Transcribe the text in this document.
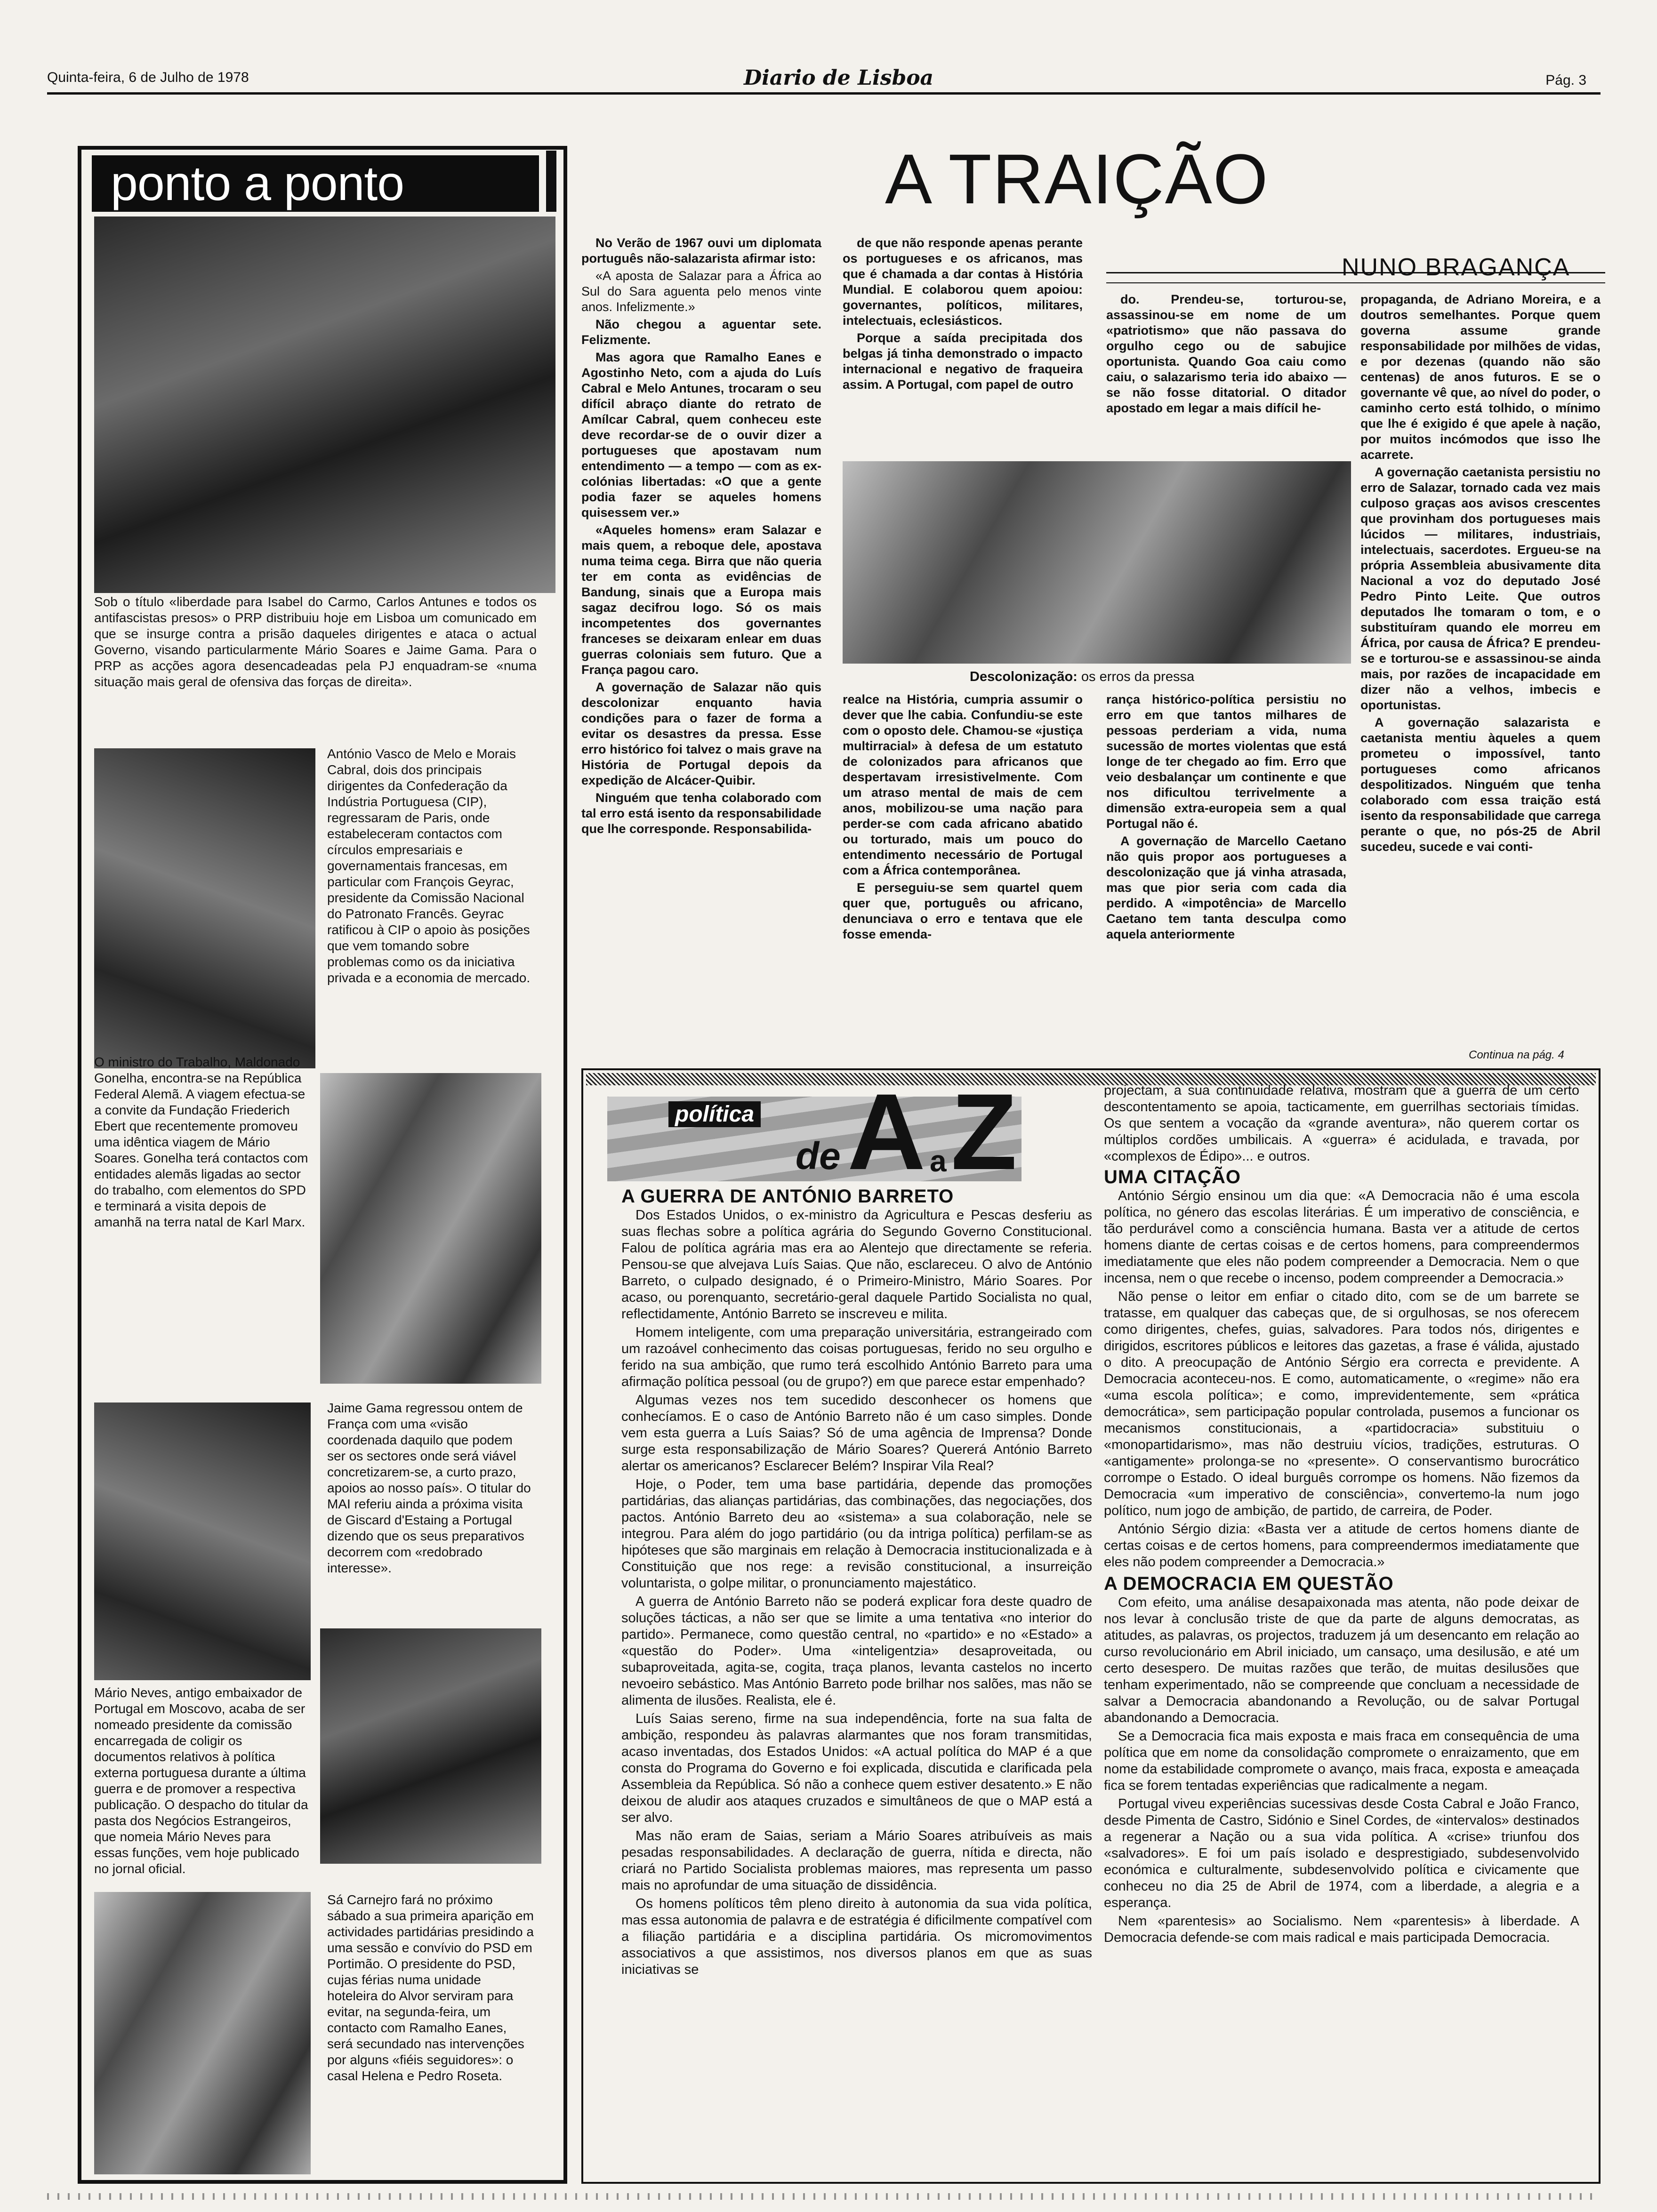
Quinta-feira, 6 de Julho de 1978	Diario de Lisboa	Pág. 3
ponto a ponto
Sob o título «liberdade para Isabel do Carmo, Carlos Antunes e todos os antifascistas presos» o PRP distribuiu hoje em Lisboa um comunicado em que se insurge contra a prisão daqueles dirigentes e ataca o actual Governo, visando particularmente Mário Soares e Jaime Gama. Para o PRP as acções agora desencadeadas pela PJ enquadram-se «numa situação mais geral de ofensiva das forças de direita».
António Vasco de Melo e Morais Cabral, dois dos principais dirigentes da Confederação da Indústria Portuguesa (CIP), regressaram de Paris, onde estabeleceram contactos com círculos empresariais e governamentais francesas, em particular com François Geyrac, presidente da Comissão Nacional do Patronato Francês. Geyrac ratificou à CIP o apoio às posições que vem tomando sobre problemas como os da iniciativa privada e a economia de mercado.
O ministro do Trabalho, Maldonado Gonelha, encontra-se na República Federal Alemã. A viagem efectua-se a convite da Fundação Friederich Ebert que recentemente promoveu uma idêntica viagem de Mário Soares. Gonelha terá contactos com entidades alemãs ligadas ao sector do trabalho, com elementos do SPD e terminará a visita depois de amanhã na terra natal de Karl Marx.
Jaime Gama regressou ontem de França com uma «visão coordenada daquilo que podem ser os sectores onde será viável concretizarem-se, a curto prazo, apoios ao nosso país». O titular do MAI referiu ainda a próxima visita de Giscard d'Estaing a Portugal dizendo que os seus preparativos decorrem com «redobrado interesse».
Mário Neves, antigo embaixador de Portugal em Moscovo, acaba de ser nomeado presidente da comissão encarregada de coligir os documentos relativos à política externa portuguesa durante a última guerra e de promover a respectiva publicação. O despacho do titular da pasta dos Negócios Estrangeiros, que nomeia Mário Neves para essas funções, vem hoje publicado no jornal oficial.
Sá Carnejro fará no próximo sábado a sua primeira aparição em actividades partidárias presidindo a uma sessão e convívio do PSD em Portimão. O presidente do PSD, cujas férias numa unidade hoteleira do Alvor serviram para evitar, na segunda-feira, um contacto com Ramalho Eanes, será secundado nas intervenções por alguns «fiéis seguidores»: o casal Helena e Pedro Roseta.
A TRAIÇÃO
NUNO BRAGANÇA

No Verão de 1967 ouvi um diplomata português não-salazarista afirmar isto:

«A aposta de Salazar para a África ao Sul do Sara aguenta pelo menos vinte anos. Infelizmente.»

Não chegou a aguentar sete. Felizmente.

Mas agora que Ramalho Eanes e Agostinho Neto, com a ajuda do Luís Cabral e Melo Antunes, trocaram o seu difícil abraço diante do retrato de Amílcar Cabral, quem conheceu este deve recordar-se de o ouvir dizer a portugueses que apostavam num entendimento — a tempo — com as ex-colónias libertadas: «O que a gente podia fazer se aqueles homens quisessem ver.»

«Aqueles homens» eram Salazar e mais quem, a reboque dele, apostava numa teima cega. Birra que não queria ter em conta as evidências de Bandung, sinais que a Europa mais sagaz decifrou logo. Só os mais incompetentes dos governantes franceses se deixaram enlear em duas guerras coloniais sem futuro. Que a França pagou caro.

A governação de Salazar não quis descolonizar enquanto havia condições para o fazer de forma a evitar os desastres da pressa. Esse erro histórico foi talvez o mais grave na História de Portugal depois da expedição de Alcácer-Quibir.

Ninguém que tenha colaborado com tal erro está isento da responsabilidade que lhe corresponde. Responsabilida-

de que não responde apenas perante os portugueses e os africanos, mas que é chamada a dar contas à História Mundial. E colaborou quem apoiou: governantes, políticos, militares, intelectuais, eclesiásticos.

Porque a saída precipitada dos belgas já tinha demonstrado o impacto internacional e negativo de fraqueira assim. A Portugal, com papel de outro

do. Prendeu-se, torturou-se, assassinou-se em nome de um «patriotismo» que não passava do orgulho cego ou de sabujice oportunista. Quando Goa caiu como caiu, o salazarismo teria ido abaixo — se não fosse ditatorial. O ditador apostado em legar a mais difícil he-

Descolonização: os erros da pressa

realce na História, cumpria assumir o dever que lhe cabia. Confundiu-se este com o oposto dele. Chamou-se «justiça multirracial» à defesa de um estatuto de colonizados para africanos que despertavam irresistivelmente. Com um atraso mental de mais de cem anos, mobilizou-se uma nação para perder-se com cada africano abatido ou torturado, mais um pouco do entendimento necessário de Portugal com a África contemporânea.

E perseguiu-se sem quartel quem quer que, português ou africano, denunciava o erro e tentava que ele fosse emenda-

rança histórico-política persistiu no erro em que tantos milhares de pessoas perderiam a vida, numa sucessão de mortes violentas que está longe de ter chegado ao fim. Erro que veio desbalançar um continente e que nos dificultou terrivelmente a dimensão extra-europeia sem a qual Portugal não é.

A governação de Marcello Caetano não quis propor aos portugueses a descolonização que já vinha atrasada, mas que pior seria com cada dia perdido. A «impotência» de Marcello Caetano tem tanta desculpa como aquela anteriormente

propaganda, de Adriano Moreira, e a doutros semelhantes. Porque quem governa assume grande responsabilidade por milhões de vidas, e por dezenas (quando não são centenas) de anos futuros. E se o governante vê que, ao nível do poder, o caminho certo está tolhido, o mínimo que lhe é exigido é que apele à nação, por muitos incómodos que isso lhe acarrete.

A governação caetanista persistiu no erro de Salazar, tornado cada vez mais culposo graças aos avisos crescentes que provinham dos portugueses mais lúcidos — militares, industriais, intelectuais, sacerdotes. Ergueu-se na própria Assembleia abusivamente dita Nacional a voz do deputado José Pedro Pinto Leite. Que outros deputados lhe tomaram o tom, e o substituíram quando ele morreu em África, por causa de África? E prendeu-se e torturou-se e assassinou-se ainda mais, por razões de incapacidade em dizer não a velhos, imbecis e oportunistas.

A governação salazarista e caetanista mentiu àqueles a quem prometeu o impossível, tanto portugueses como africanos despolitizados. Ninguém que tenha colaborado com essa traição está isento da responsabilidade que carrega perante o que, no pós-25 de Abril sucedeu, sucede e vai conti-

Continua na pág. 4
política
de A a Z
A GUERRA DE ANTÓNIO BARRETO

Dos Estados Unidos, o ex-ministro da Agricultura e Pescas desferiu as suas flechas sobre a política agrária do Segundo Governo Constitucional. Falou de política agrária mas era ao Alentejo que directamente se referia. Pensou-se que alvejava Luís Saias. Que não, esclareceu. O alvo de António Barreto, o culpado designado, é o Primeiro-Ministro, Mário Soares. Por acaso, ou porenquanto, secretário-geral daquele Partido Socialista no qual, reflectidamente, António Barreto se inscreveu e milita.

Homem inteligente, com uma preparação universitária, estrangeirado com um razoável conhecimento das coisas portuguesas, ferido no seu orgulho e ferido na sua ambição, que rumo terá escolhido António Barreto para uma afirmação política pessoal (ou de grupo?) em que parece estar empenhado?

Algumas vezes nos tem sucedido desconhecer os homens que conhecíamos. E o caso de António Barreto não é um caso simples. Donde vem esta guerra a Luís Saias? Só de uma agência de Imprensa? Donde surge esta responsabilização de Mário Soares? Quererá António Barreto alertar os americanos? Esclarecer Belém? Inspirar Vila Real?

Hoje, o Poder, tem uma base partidária, depende das promoções partidárias, das alianças partidárias, das combinações, das negociações, dos pactos. António Barreto deu ao «sistema» a sua colaboração, nele se integrou. Para além do jogo partidário (ou da intriga política) perfilam-se as hipóteses que são marginais em relação à Democracia institucionalizada e à Constituição que nos rege: a revisão constitucional, a insurreição voluntarista, o golpe militar, o pronunciamento majestático.

A guerra de António Barreto não se poderá explicar fora deste quadro de soluções tácticas, a não ser que se limite a uma tentativa «no interior do partido». Permanece, como questão central, no «partido» e no «Estado» a «questão do Poder». Uma «inteligentzia» desaproveitada, ou subaproveitada, agita-se, cogita, traça planos, levanta castelos no incerto nevoeiro sebástico. Mas António Barreto pode brilhar nos salões, mas não se alimenta de ilusões. Realista, ele é.

Luís Saias sereno, firme na sua independência, forte na sua falta de ambição, respondeu às palavras alarmantes que nos foram transmitidas, acaso inventadas, dos Estados Unidos: «A actual política do MAP é a que consta do Programa do Governo e foi explicada, discutida e clarificada pela Assembleia da República. Só não a conhece quem estiver desatento.» E não deixou de aludir aos ataques cruzados e simultâneos de que o MAP está a ser alvo.

Mas não eram de Saias, seriam a Mário Soares atribuíveis as mais pesadas responsabilidades. A declaração de guerra, nítida e directa, não criará no Partido Socialista problemas maiores, mas representa um passo mais no aprofundar de uma situação de dissidência.

Os homens políticos têm pleno direito à autonomia da sua vida política, mas essa autonomia de palavra e de estratégia é dificilmente compatível com a filiação partidária e a disciplina partidária. Os micromovimentos associativos a que assistimos, nos diversos planos em que as suas iniciativas se

projectam, a sua continuidade relativa, mostram que a guerra de um certo descontentamento se apoia, tacticamente, em guerrilhas sectoriais tímidas. Os que sentem a vocação da «grande aventura», não querem cortar os múltiplos cordões umbilicais. A «guerra» é acidulada, e travada, por «complexos de Édipo»... e outros.

UMA CITAÇÃO

António Sérgio ensinou um dia que: «A Democracia não é uma escola política, no género das escolas literárias. É um imperativo de consciência, e tão perdurável como a consciência humana. Basta ver a atitude de certos homens diante de certas coisas e de certos homens, para compreendermos imediatamente que eles não podem compreender a Democracia. Nem o que incensa, nem o que recebe o incenso, podem compreender a Democracia.»

Não pense o leitor em enfiar o citado dito, com se de um barrete se tratasse, em qualquer das cabeças que, de si orgulhosas, se nos oferecem como dirigentes, chefes, guias, salvadores. Para todos nós, dirigentes e dirigidos, escritores públicos e leitores das gazetas, a frase é válida, ajustado o dito. A preocupação de António Sérgio era correcta e previdente. A Democracia aconteceu-nos. E como, automaticamente, o «regime» não era «uma escola política»; e como, imprevidentemente, sem «prática democrática», sem participação popular controlada, pusemos a funcionar os mecanismos constitucionais, a «partidocracia» substituiu o «monopartidarismo», mas não destruiu vícios, tradições, estruturas. O «antigamente» prolonga-se no «presente». O conservantismo burocrático corrompe o Estado. O ideal burguês corrompe os homens. Não fizemos da Democracia «um imperativo de consciência», convertemo-la num jogo político, num jogo de ambição, de partido, de carreira, de Poder.

António Sérgio dizia: «Basta ver a atitude de certos homens diante de certas coisas e de certos homens, para compreendermos imediatamente que eles não podem compreender a Democracia.»

A DEMOCRACIA EM QUESTÃO

Com efeito, uma análise desapaixonada mas atenta, não pode deixar de nos levar à conclusão triste de que da parte de alguns democratas, as atitudes, as palavras, os projectos, traduzem já um desencanto em relação ao curso revolucionário em Abril iniciado, um cansaço, uma desilusão, e até um certo desespero. De muitas razões que terão, de muitas desilusões que tenham experimentado, não se compreende que concluam a necessidade de salvar a Democracia abandonando a Revolução, ou de salvar Portugal abandonando a Democracia.

Se a Democracia fica mais exposta e mais fraca em consequência de uma política que em nome da consolidação compromete o enraizamento, que em nome da estabilidade compromete o avanço, mais fraca, exposta e ameaçada fica se forem tentadas experiências que radicalmente a negam.

Portugal viveu experiências sucessivas desde Costa Cabral e João Franco, desde Pimenta de Castro, Sidónio e Sinel Cordes, de «intervalos» destinados a regenerar a Nação ou a sua vida política. A «crise» triunfou dos «salvadores». E foi um país isolado e desprestigiado, subdesenvolvido económica e culturalmente, subdesenvolvido política e civicamente que conheceu no dia 25 de Abril de 1974, com a liberdade, a alegria e a esperança.

Nem «parentesis» ao Socialismo. Nem «parentesis» à liberdade. A Democracia defende-se com mais radical e mais participada Democracia.
